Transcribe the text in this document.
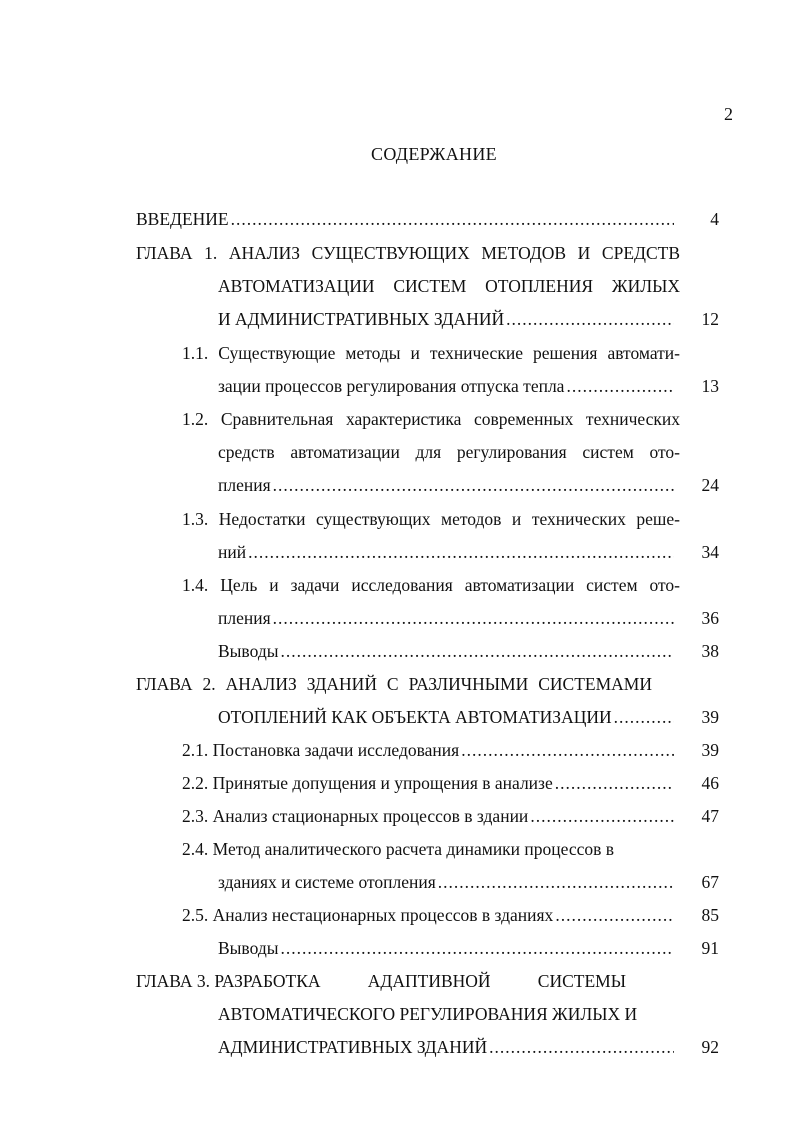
2
СОДЕРЖАНИЕ
ВВЕДЕНИЕ .....	4
ГЛАВА 1. АНАЛИЗ СУЩЕСТВУЮЩИХ МЕТОДОВ И СРЕДСТВ
АВТОМАТИЗАЦИИ СИСТЕМ ОТОПЛЕНИЯ ЖИЛЫХ
И АДМИНИСТРАТИВНЫХ ЗДАНИЙ .....	12
1.1. Существующие методы и технические решения автомати-
зации процессов регулирования отпуска тепла .....	13
1.2. Сравнительная характеристика современных технических
средств автоматизации для регулирования систем ото-
пления .....	24
1.3. Недостатки существующих методов и технических реше-
ний .....	34
1.4. Цель и задачи исследования автоматизации систем ото-
пления .....	36
Выводы .....	38
ГЛАВА 2. АНАЛИЗ ЗДАНИЙ С РАЗЛИЧНЫМИ СИСТЕМАМИ
ОТОПЛЕНИЙ КАК ОБЪЕКТА АВТОМАТИЗАЦИИ .....	39
2.1. Постановка задачи исследования .....	39
2.2. Принятые допущения и упрощения в анализе .....	46
2.3. Анализ стационарных процессов в здании .....	47
2.4. Метод аналитического расчета динамики процессов в
зданиях и системе отопления .....	67
2.5. Анализ нестационарных процессов в зданиях .....	85
Выводы .....	91
ГЛАВА 3. РАЗРАБОТКА	АДАПТИВНОЙ	СИСТЕМЫ
АВТОМАТИЧЕСКОГО РЕГУЛИРОВАНИЯ ЖИЛЫХ И
АДМИНИСТРАТИВНЫХ ЗДАНИЙ .....	92
